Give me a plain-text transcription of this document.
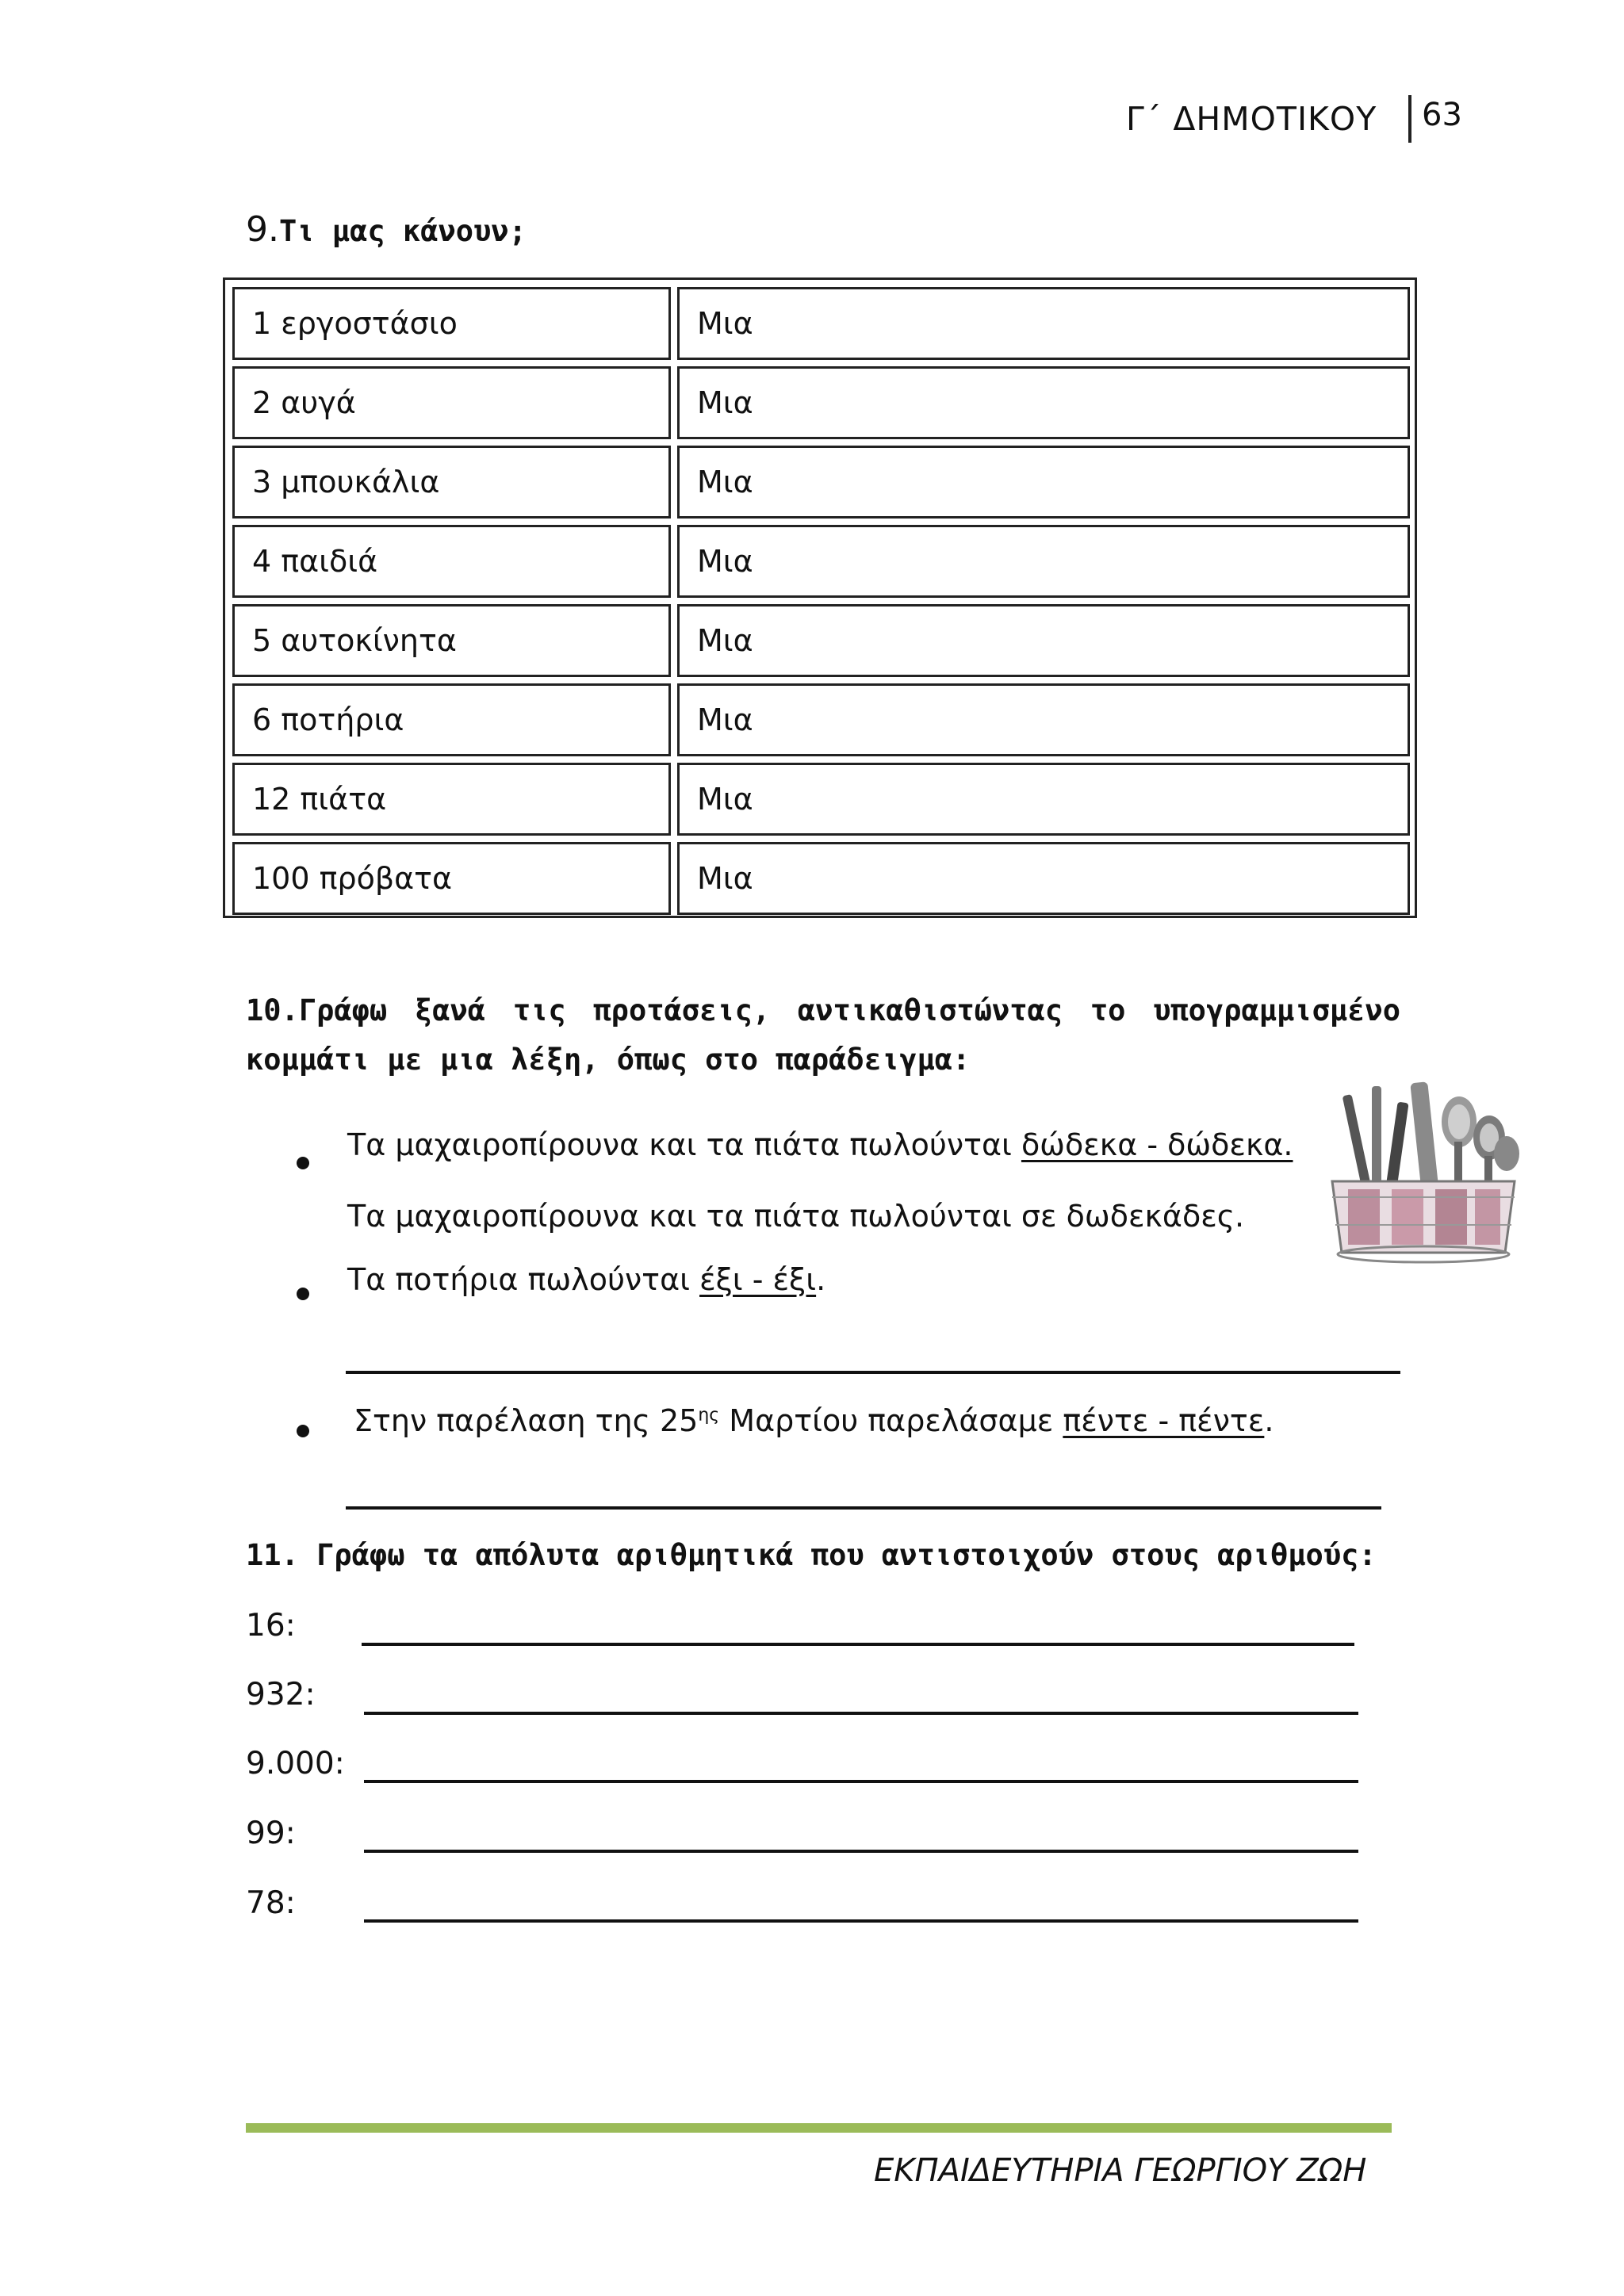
Γ΄ ΔΗΜΟΤΙΚΟΥ 63
9.Τι μας κάνουν;
1 εργοστάσιο	Μια
2 αυγά	Μια
3 μπουκάλια	Μια
4 παιδιά	Μια
5 αυτοκίνητα	Μια
6 ποτήρια	Μια
12 πιάτα	Μια
100 πρόβατα	Μια
10.Γράφω ξανά τις προτάσεις, αντικαθιστώντας το υπογραμμισμένο
κομμάτι με μια λέξη, όπως στο παράδειγμα:
Τα μαχαιροπίρουνα και τα πιάτα πωλούνται δώδεκα - δώδεκα.
Τα μαχαιροπίρουνα και τα πιάτα πωλούνται σε δωδεκάδες.
Τα ποτήρια πωλούνται έξι - έξι.
Στην παρέλαση της $25^{\eta\varsigma}$ Μαρτίου παρελάσαμε πέντε - πέντε.
11. Γράφω τα απόλυτα αριθμητικά που αντιστοιχούν στους αριθμούς:
16:
932:
9.000:
99:
78:
ΕΚΠΑΙΔΕΥΤΗΡΙΑ ΓΕΩΡΓΙΟΥ ΖΩΗ
